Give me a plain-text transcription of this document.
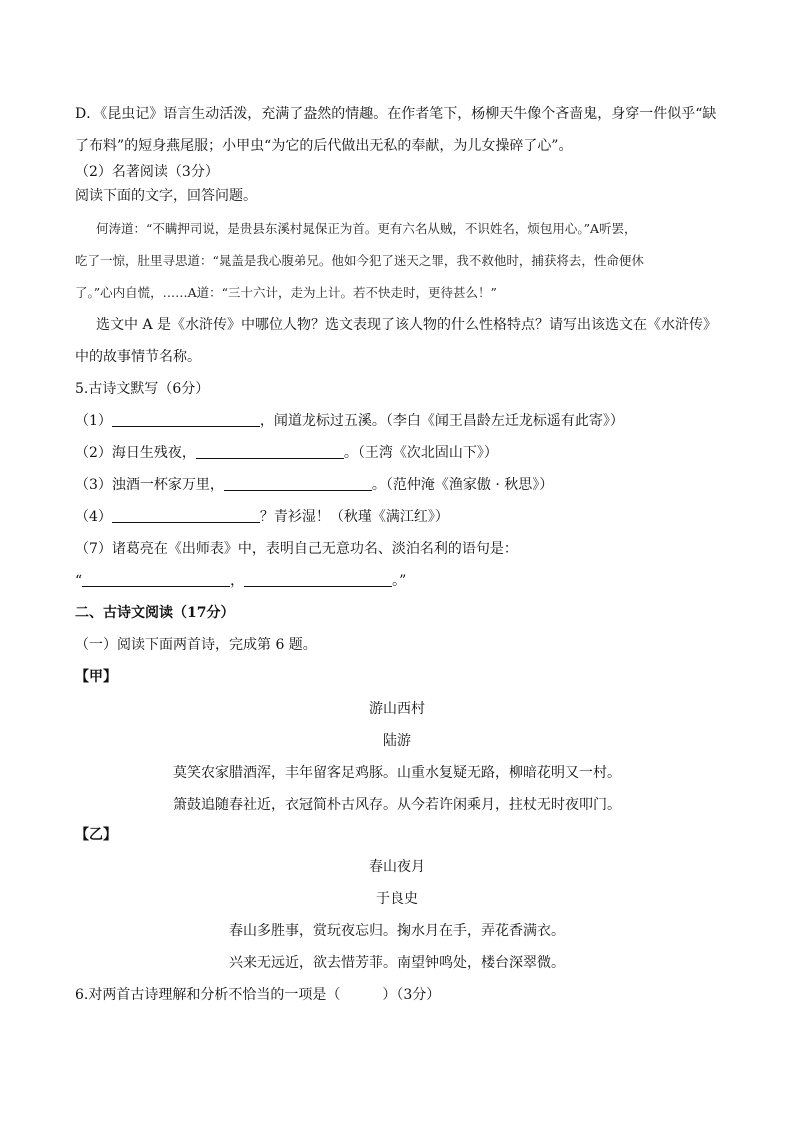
D．《昆虫记》语言生动活泼，充满了盎然的情趣。在作者笔下，杨柳天牛像个吝啬鬼，身穿一件似乎“缺
了布料”的短身燕尾服；小甲虫“为它的后代做出无私的奉献，为儿女操碎了心”。
（2）名著阅读（3分）
阅读下面的文字，回答问题。
何涛道：“不瞒押司说，是贵县东溪村晁保正为首。更有六名从贼，不识姓名，烦包用心。”A听罢，
吃了一惊，肚里寻思道：“晁盖是我心腹弟兄。他如今犯了迷天之罪，我不救他时，捕获将去，性命便休
了。”心内自慌，……A道：“三十六计，走为上计。若不快走时，更待甚么！”
选文中 A 是《水浒传》中哪位人物？选文表现了该人物的什么性格特点？请写出该选文在《水浒传》
中的故事情节名称。
5.古诗文默写（6分）
（1）	，闻道龙标过五溪。（李白《闻王昌龄左迁龙标遥有此寄》）
（2）海日生残夜，	。（王湾《次北固山下》）
（3）浊酒一杯家万里，	。（范仲淹《渔家傲 · 秋思》）
（4）	？青衫湿！（秋瑾《满江红》）
（7）诸葛亮在《出师表》中，表明自己无意功名、淡泊名利的语句是：
“	，	。”
二、古诗文阅读（17分）
（一）阅读下面两首诗，完成第 6 题。
【甲】
游山西村
陆游
莫笑农家腊酒浑，丰年留客足鸡豚。山重水复疑无路，柳暗花明又一村。
箫鼓追随春社近，衣冠简朴古风存。从今若许闲乘月，拄杖无时夜叩门。
【乙】
春山夜月
于良史
春山多胜事，赏玩夜忘归。掬水月在手，弄花香满衣。
兴来无远近，欲去惜芳菲。南望钟鸣处，楼台深翠微。
6.对两首古诗理解和分析不恰当的一项是（　　　）（3分）
